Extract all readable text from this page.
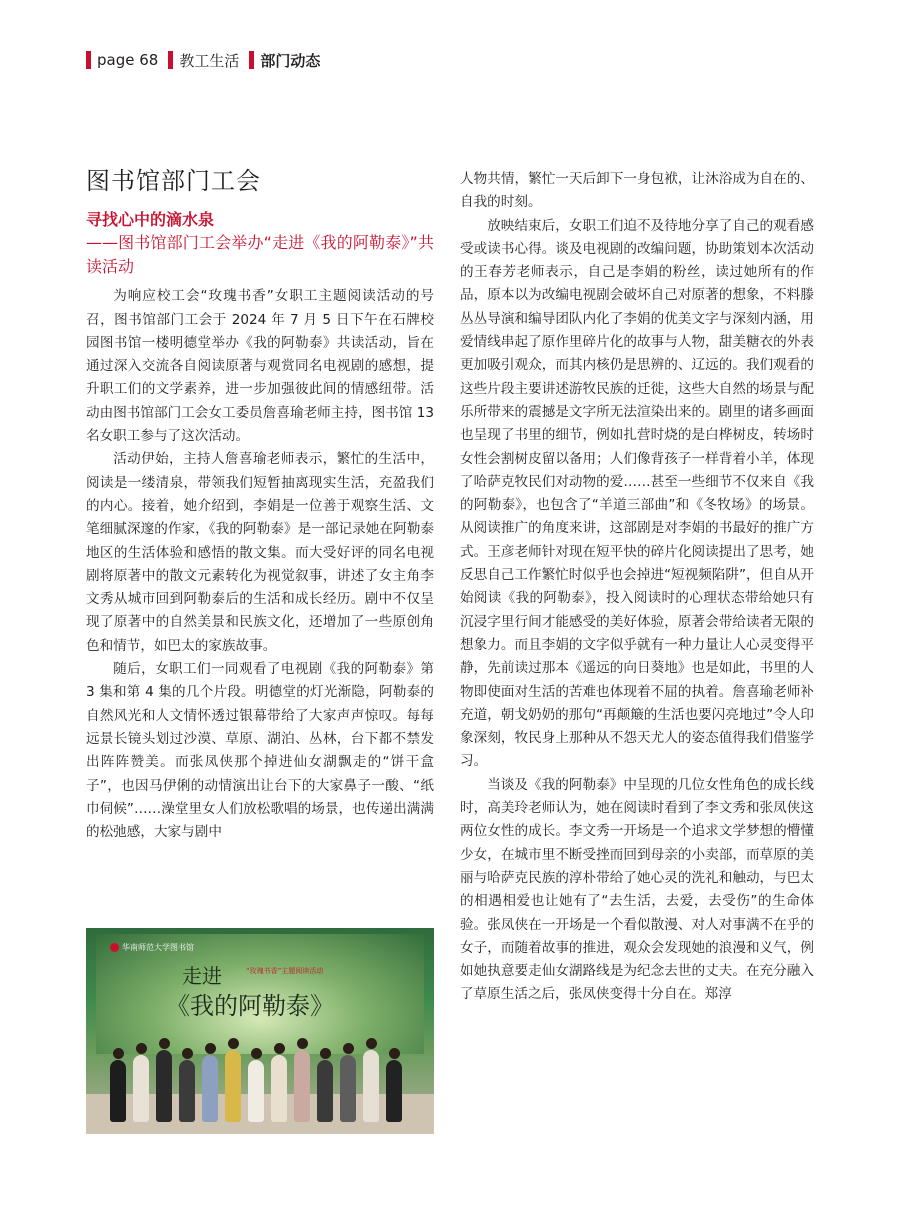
page 68 教工生活 部门动态
图书馆部门工会
寻找心中的滴水泉
——图书馆部门工会举办“走进《我的阿勒泰》”共读活动

为响应校工会“玫瑰书香”女职工主题阅读活动的号召，图书馆部门工会于 2024 年 7 月 5 日下午在石牌校园图书馆一楼明德堂举办《我的阿勒泰》共读活动，旨在通过深入交流各自阅读原著与观赏同名电视剧的感想，提升职工们的文学素养，进一步加强彼此间的情感纽带。活动由图书馆部门工会女工委员詹喜瑜老师主持，图书馆 13 名女职工参与了这次活动。

活动伊始，主持人詹喜瑜老师表示，繁忙的生活中，阅读是一缕清泉，带领我们短暂抽离现实生活，充盈我们的内心。接着，她介绍到，李娟是一位善于观察生活、文笔细腻深邃的作家，《我的阿勒泰》是一部记录她在阿勒泰地区的生活体验和感悟的散文集。而大受好评的同名电视剧将原著中的散文元素转化为视觉叙事，讲述了女主角李文秀从城市回到阿勒泰后的生活和成长经历。剧中不仅呈现了原著中的自然美景和民族文化，还增加了一些原创角色和情节，如巴太的家族故事。

随后，女职工们一同观看了电视剧《我的阿勒泰》第 3 集和第 4 集的几个片段。明德堂的灯光渐隐，阿勒泰的自然风光和人文情怀透过银幕带给了大家声声惊叹。每每远景长镜头划过沙漠、草原、湖泊、丛林，台下都不禁发出阵阵赞美。而张凤侠那个掉进仙女湖飘走的“饼干盒子”，也因马伊俐的动情演出让台下的大家鼻子一酸、“纸巾伺候”……澡堂里女人们放松歌唱的场景，也传递出满满的松弛感，大家与剧中

华南师范大学图书馆
走进	“玫瑰书香”主题阅读活动
《我的阿勒泰》

人物共情，繁忙一天后卸下一身包袱，让沐浴成为自在的、自我的时刻。

放映结束后，女职工们迫不及待地分享了自己的观看感受或读书心得。谈及电视剧的改编问题，协助策划本次活动的王春芳老师表示，自己是李娟的粉丝，读过她所有的作品，原本以为改编电视剧会破坏自己对原著的想象，不料滕丛丛导演和编导团队内化了李娟的优美文字与深刻内涵，用爱情线串起了原作里碎片化的故事与人物，甜美糖衣的外表更加吸引观众，而其内核仍是思辨的、辽远的。我们观看的这些片段主要讲述游牧民族的迁徙，这些大自然的场景与配乐所带来的震撼是文字所无法渲染出来的。剧里的诸多画面也呈现了书里的细节，例如扎营时烧的是白桦树皮，转场时女性会割树皮留以备用；人们像背孩子一样背着小羊，体现了哈萨克牧民们对动物的爱……甚至一些细节不仅来自《我的阿勒泰》，也包含了“羊道三部曲”和《冬牧场》的场景。从阅读推广的角度来讲，这部剧是对李娟的书最好的推广方式。王彦老师针对现在短平快的碎片化阅读提出了思考，她反思自己工作繁忙时似乎也会掉进“短视频陷阱”，但自从开始阅读《我的阿勒泰》，投入阅读时的心理状态带给她只有沉浸字里行间才能感受的美好体验，原著会带给读者无限的想象力。而且李娟的文字似乎就有一种力量让人心灵变得平静，先前读过那本《遥远的向日葵地》也是如此，书里的人物即使面对生活的苦难也体现着不屈的执着。詹喜瑜老师补充道，朝戈奶奶的那句“再颠簸的生活也要闪亮地过”令人印象深刻，牧民身上那种从不怨天尤人的姿态值得我们借鉴学习。

当谈及《我的阿勒泰》中呈现的几位女性角色的成长线时，高美玲老师认为，她在阅读时看到了李文秀和张凤侠这两位女性的成长。李文秀一开场是一个追求文学梦想的懵懂少女，在城市里不断受挫而回到母亲的小卖部，而草原的美丽与哈萨克民族的淳朴带给了她心灵的洗礼和触动，与巴太的相遇相爱也让她有了“去生活，去爱，去受伤”的生命体验。张凤侠在一开场是一个看似散漫、对人对事满不在乎的女子，而随着故事的推进，观众会发现她的浪漫和义气，例如她执意要走仙女湖路线是为纪念去世的丈夫。在充分融入了草原生活之后，张凤侠变得十分自在。郑淳
